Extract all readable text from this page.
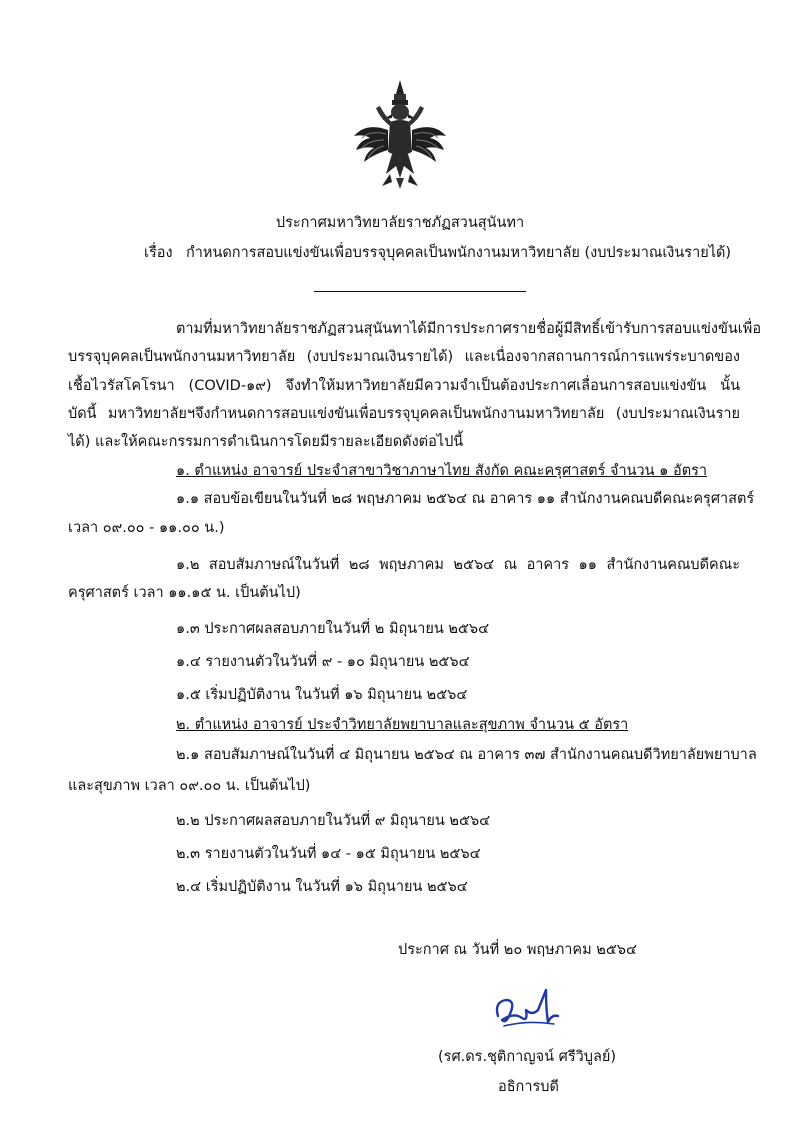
ประกาศมหาวิทยาลัยราชภัฏสวนสุนันทา
เรื่อง กำหนดการสอบแข่งขันเพื่อบรรจุบุคคลเป็นพนักงานมหาวิทยาลัย (งบประมาณเงินรายได้)
ตามที่มหาวิทยาลัยราชภัฏสวนสุนันทาได้มีการประกาศรายชื่อผู้มีสิทธิ์เข้ารับการสอบแข่งขันเพื่อ
บรรจุบุคคลเป็นพนักงานมหาวิทยาลัย (งบประมาณเงินรายได้) และเนื่องจากสถานการณ์การแพร่ระบาดของ
เชื้อไวรัสโคโรนา (COVID-๑๙) จึงทำให้มหาวิทยาลัยมีความจำเป็นต้องประกาศเลื่อนการสอบแข่งขัน นั้น
บัดนี้ มหาวิทยาลัยฯจึงกำหนดการสอบแข่งขันเพื่อบรรจุบุคคลเป็นพนักงานมหาวิทยาลัย (งบประมาณเงินราย
ได้) และให้คณะกรรมการดำเนินการโดยมีรายละเอียดดังต่อไปนี้
๑. ตำแหน่ง อาจารย์ ประจำสาขาวิชาภาษาไทย สังกัด คณะครุศาสตร์ จำนวน ๑ อัตรา
๑.๑ สอบข้อเขียนในวันที่ ๒๘ พฤษภาคม ๒๕๖๔ ณ อาคาร ๑๑ สำนักงานคณบดีคณะครุศาสตร์
เวลา ๐๙.๐๐ - ๑๑.๐๐ น.)
๑.๒ สอบสัมภาษณ์ในวันที่ ๒๘ พฤษภาคม ๒๕๖๔ ณ อาคาร ๑๑ สำนักงานคณบดีคณะ
ครุศาสตร์ เวลา ๑๑.๑๕ น. เป็นต้นไป)
๑.๓ ประกาศผลสอบภายในวันที่ ๒ มิถุนายน ๒๕๖๔
๑.๔ รายงานตัวในวันที่ ๙ - ๑๐ มิถุนายน ๒๕๖๔
๑.๕ เริ่มปฏิบัติงาน ในวันที่ ๑๖ มิถุนายน ๒๕๖๔
๒. ตำแหน่ง อาจารย์ ประจำวิทยาลัยพยาบาลและสุขภาพ จำนวน ๕ อัตรา
๒.๑ สอบสัมภาษณ์ในวันที่ ๔ มิถุนายน ๒๕๖๔ ณ อาคาร ๓๗ สำนักงานคณบดีวิทยาลัยพยาบาล
และสุขภาพ เวลา ๐๙.๐๐ น. เป็นต้นไป)
๒.๒ ประกาศผลสอบภายในวันที่ ๙ มิถุนายน ๒๕๖๔
๒.๓ รายงานตัวในวันที่ ๑๔ - ๑๕ มิถุนายน ๒๕๖๔
๒.๔ เริ่มปฏิบัติงาน ในวันที่ ๑๖ มิถุนายน ๒๕๖๔
ประกาศ ณ วันที่ ๒๐ พฤษภาคม ๒๕๖๔
(รศ.ดร.ชุติกาญจน์ ศรีวิบูลย์)
อธิการบดี
